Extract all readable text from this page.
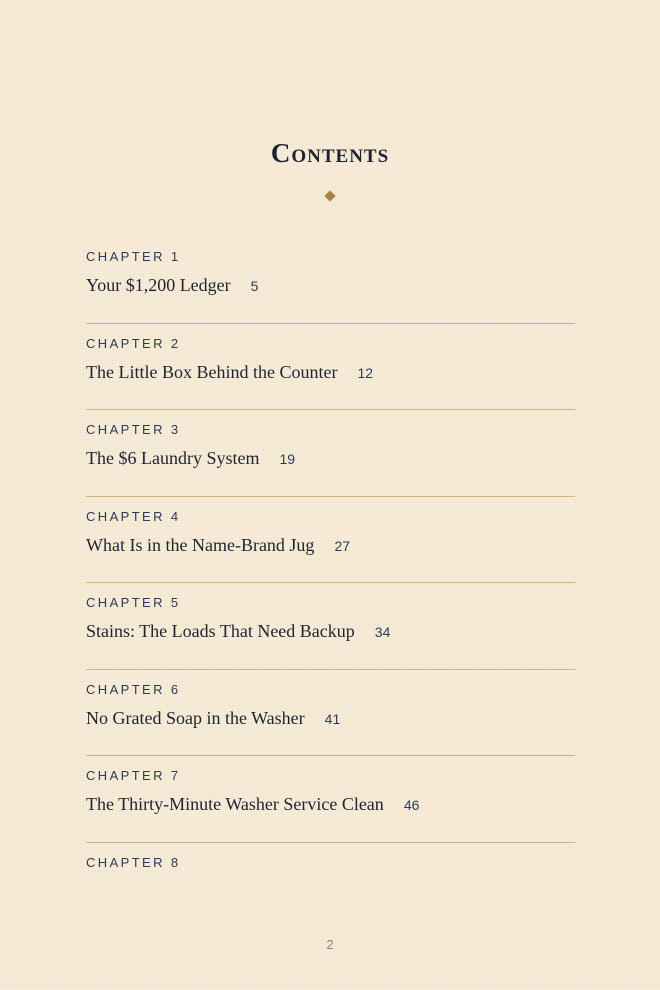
Contents
CHAPTER 1
Your $1,200 Ledger 5
CHAPTER 2
The Little Box Behind the Counter 12
CHAPTER 3
The $6 Laundry System 19
CHAPTER 4
What Is in the Name-Brand Jug 27
CHAPTER 5
Stains: The Loads That Need Backup 34
CHAPTER 6
No Grated Soap in the Washer 41
CHAPTER 7
The Thirty-Minute Washer Service Clean 46
CHAPTER 8
2
